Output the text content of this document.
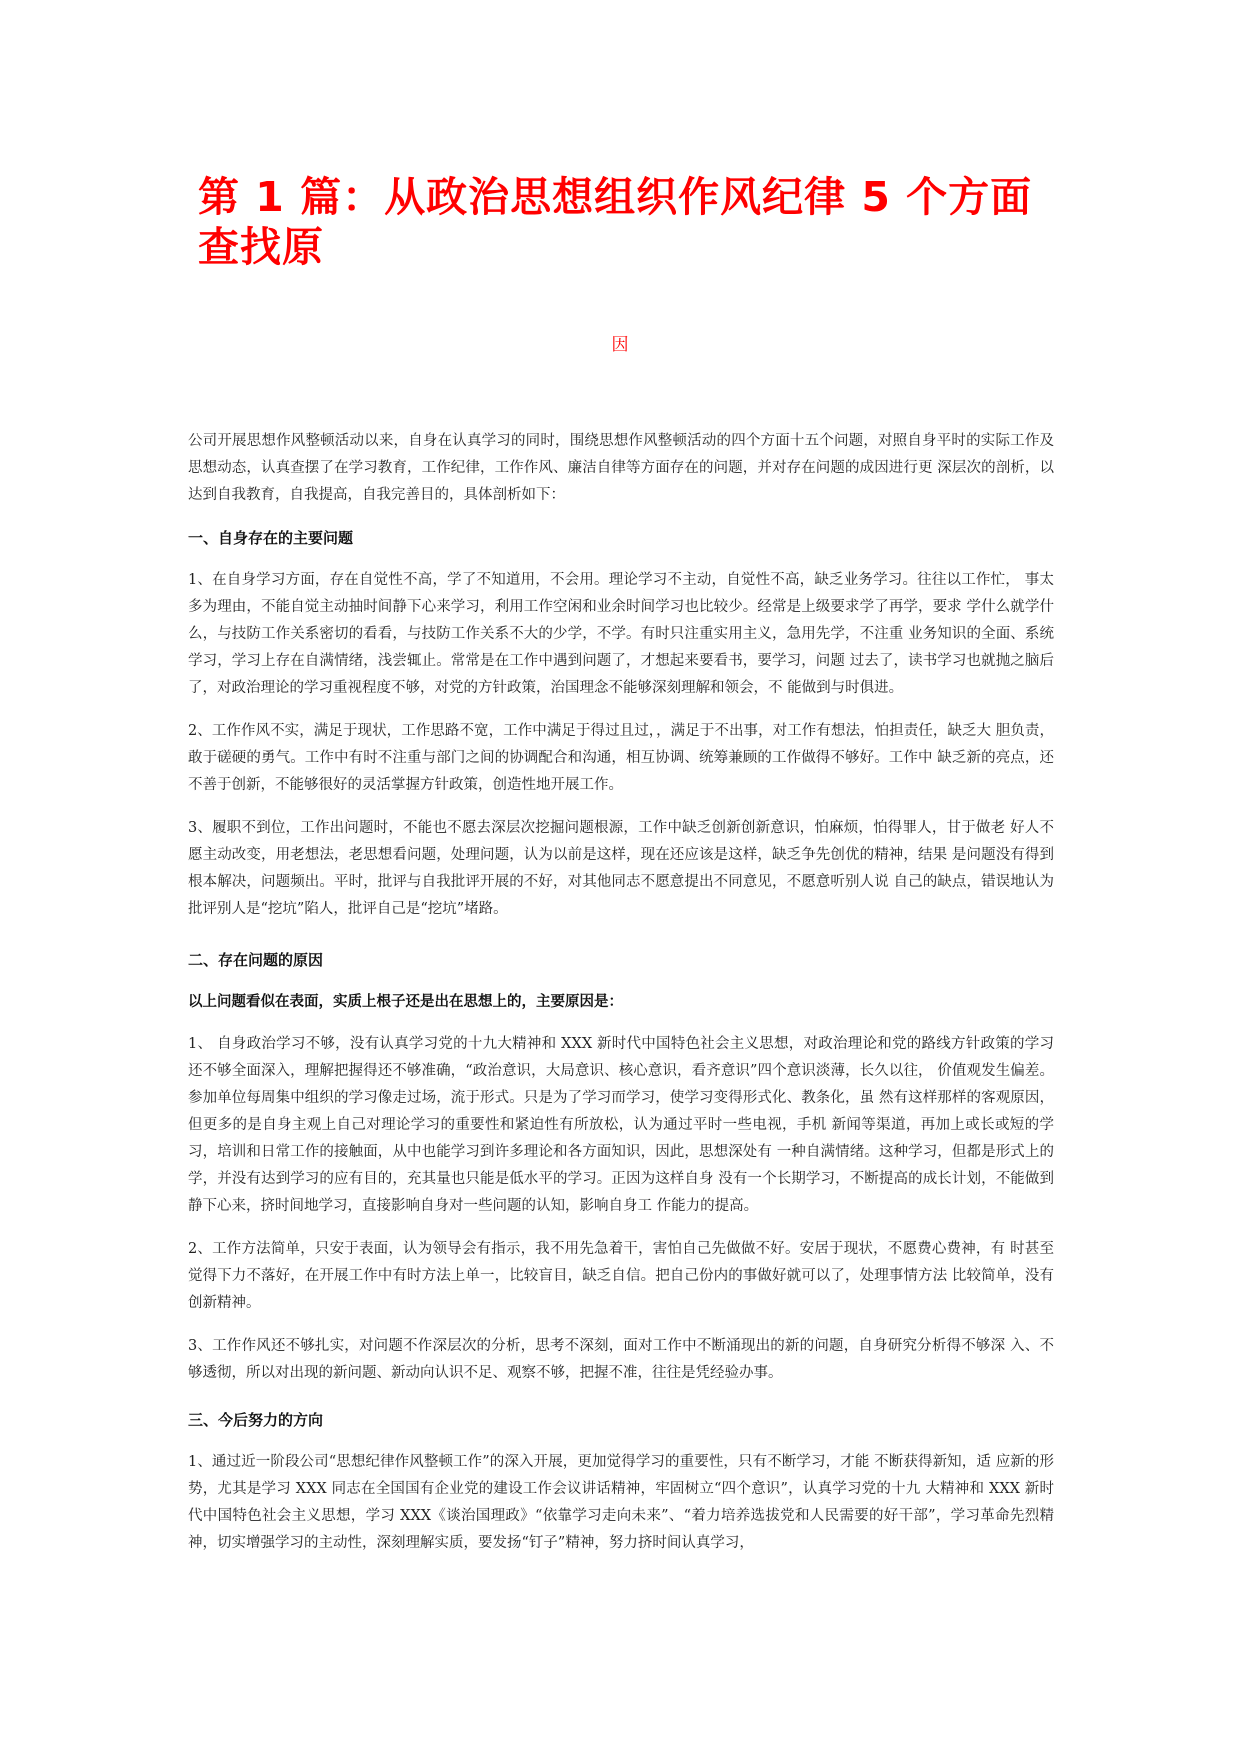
第 1 篇：从政治思想组织作风纪律 5 个方面查找原
因

公司开展思想作风整顿活动以来，自身在认真学习的同时，围绕思想作风整顿活动的四个方面十五个问题，对照自身平时的实际工作及思想动态，认真查摆了在学习教育，工作纪律，工作作风、廉洁自律等方面存在的问题，并对存在问题的成因进行更 深层次的剖析，以达到自我教育，自我提高，自我完善目的，具体剖析如下：

一、自身存在的主要问题

1、在自身学习方面，存在自觉性不高，学了不知道用，不会用。理论学习不主动，自觉性不高，缺乏业务学习。往往以工作忙， 事太多为理由，不能自觉主动抽时间静下心来学习，利用工作空闲和业余时间学习也比较少。经常是上级要求学了再学，要求 学什么就学什么，与技防工作关系密切的看看，与技防工作关系不大的少学，不学。有时只注重实用主义，急用先学，不注重 业务知识的全面、系统学习，学习上存在自满情绪，浅尝辄止。常常是在工作中遇到问题了，才想起来要看书，要学习，问题 过去了，读书学习也就抛之脑后了，对政治理论的学习重视程度不够，对党的方针政策，治国理念不能够深刻理解和领会，不 能做到与时俱进。

2、工作作风不实，满足于现状，工作思路不宽，工作中满足于得过且过，，满足于不出事，对工作有想法，怕担责任，缺乏大 胆负责，敢于磋硬的勇气。工作中有时不注重与部门之间的协调配合和沟通，相互协调、统筹兼顾的工作做得不够好。工作中 缺乏新的亮点，还不善于创新，不能够很好的灵活掌握方针政策，创造性地开展工作。

3、履职不到位，工作出问题时，不能也不愿去深层次挖掘问题根源，工作中缺乏创新创新意识，怕麻烦，怕得罪人，甘于做老 好人不愿主动改变，用老想法，老思想看问题，处理问题，认为以前是这样，现在还应该是这样，缺乏争先创优的精神，结果 是问题没有得到根本解决，问题频出。平时，批评与自我批评开展的不好，对其他同志不愿意提出不同意见，不愿意听别人说 自己的缺点，错误地认为批评别人是“挖坑”陷人，批评自己是“挖坑”堵路。

二、存在问题的原因

以上问题看似在表面，实质上根子还是出在思想上的，主要原因是：

1、 自身政治学习不够，没有认真学习党的十九大精神和 XXX 新时代中国特色社会主义思想，对政治理论和党的路线方针政策的学习还不够全面深入，理解把握得还不够准确，“政治意识，大局意识、核心意识，看齐意识”四个意识淡薄，长久以往， 价值观发生偏差。参加单位每周集中组织的学习像走过场，流于形式。只是为了学习而学习，使学习变得形式化、教条化，虽 然有这样那样的客观原因，但更多的是自身主观上自己对理论学习的重要性和紧迫性有所放松，认为通过平时一些电视，手机 新闻等渠道，再加上或长或短的学习，培训和日常工作的接触面，从中也能学习到许多理论和各方面知识，因此，思想深处有 一种自满情绪。这种学习，但都是形式上的学，并没有达到学习的应有目的，充其量也只能是低水平的学习。正因为这样自身 没有一个长期学习，不断提高的成长计划，不能做到静下心来，挤时间地学习，直接影响自身对一些问题的认知，影响自身工 作能力的提高。

2、工作方法简单，只安于表面，认为领导会有指示，我不用先急着干，害怕自己先做做不好。安居于现状，不愿费心费神，有 时甚至觉得下力不落好，在开展工作中有时方法上单一，比较盲目，缺乏自信。把自己份内的事做好就可以了，处理事情方法 比较简单，没有创新精神。

3、工作作风还不够扎实，对问题不作深层次的分析，思考不深刻，面对工作中不断涌现出的新的问题，自身研究分析得不够深 入、不够透彻，所以对出现的新问题、新动向认识不足、观察不够，把握不准，往往是凭经验办事。

三、今后努力的方向

1、通过近一阶段公司“思想纪律作风整顿工作”的深入开展，更加觉得学习的重要性，只有不断学习，才能 不断获得新知，适 应新的形势，尤其是学习 XXX 同志在全国国有企业党的建设工作会议讲话精神，牢固树立“四个意识”，认真学习党的十九 大精神和 XXX 新时代中国特色社会主义思想，学习 XXX《谈治国理政》“依靠学习走向未来”、“着力培养选拔党和人民需要的好干部”，学习革命先烈精神，切实增强学习的主动性，深刻理解实质，要发扬“钉子”精神，努力挤时间认真学习，
